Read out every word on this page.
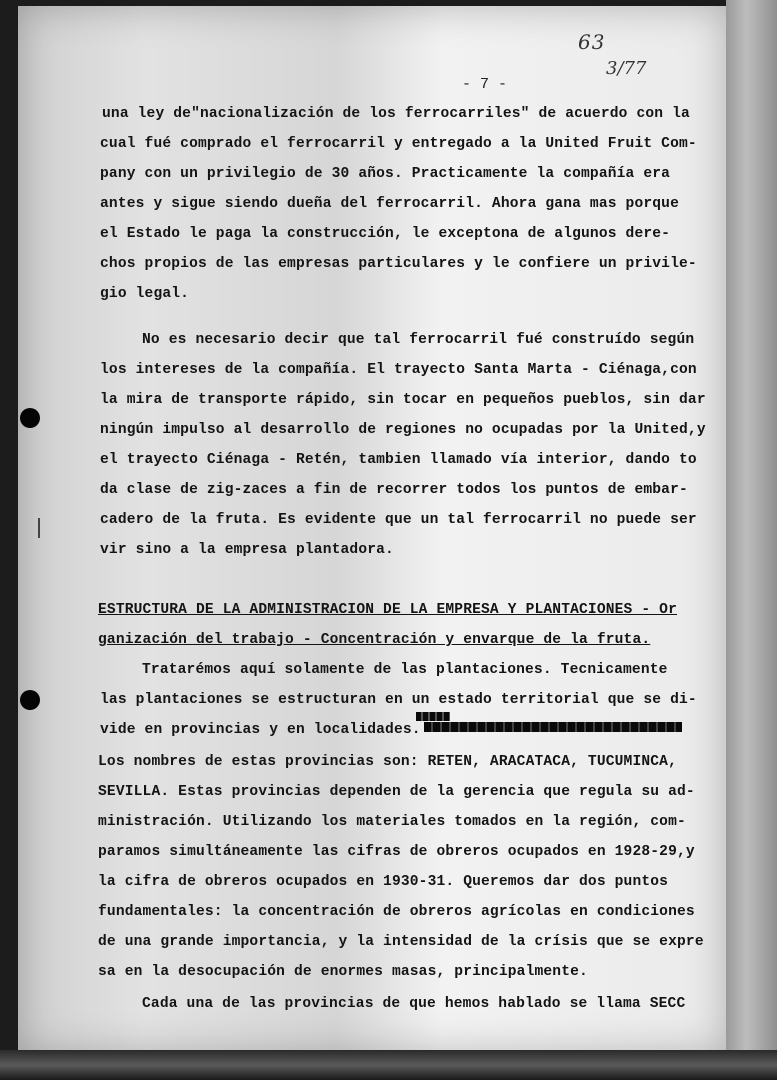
63
3/77
- 7 -
una ley de"nacionalización de los ferrocarriles" de acuerdo con la
cual fué comprado el ferrocarril y entregado a la United Fruit Com-
pany con un privilegio de 30 años. Practicamente la compañía era
antes y sigue siendo dueña del ferrocarril. Ahora gana mas porque
el Estado le paga la construcción, le exceptona de algunos dere-
chos propios de las empresas particulares y le confiere un privile-
gio legal.
No es necesario decir que tal ferrocarril fué construído según
los intereses de la compañía. El trayecto Santa Marta - Ciénaga,con
la mira de transporte rápido, sin tocar en pequeños pueblos, sin dar
ningún impulso al desarrollo de regiones no ocupadas por la United,y
el trayecto Ciénaga - Retén, tambien llamado vía interior, dando to
da clase de zig-zaces a fin de recorrer todos los puntos de embar-
cadero de la fruta. Es evidente que un tal ferrocarril no puede ser
vir sino a la empresa plantadora.
ESTRUCTURA DE LA ADMINISTRACION DE LA EMPRESA Y PLANTACIONES - Or
ganización del trabajo - Concentración y envarque de la fruta.
Tratarémos aquí solamente de las plantaciones. Tecnicamente
las plantaciones se estructuran en un estado territorial que se di-
vide en provincias y en localidades.
Los nombres de estas provincias son: RETEN, ARACATACA, TUCUMINCA,
SEVILLA. Estas provincias dependen de la gerencia que regula su ad-
ministración. Utilizando los materiales tomados en la región, com-
paramos simultáneamente las cifras de obreros ocupados en 1928-29,y
la cifra de obreros ocupados en 1930-31. Queremos dar dos puntos
fundamentales: la concentración de obreros agrícolas en condiciones
de una grande importancia, y la intensidad de la crísis que se expre
sa en la desocupación de enormes masas, principalmente.
Cada una de las provincias de que hemos hablado se llama SECC
